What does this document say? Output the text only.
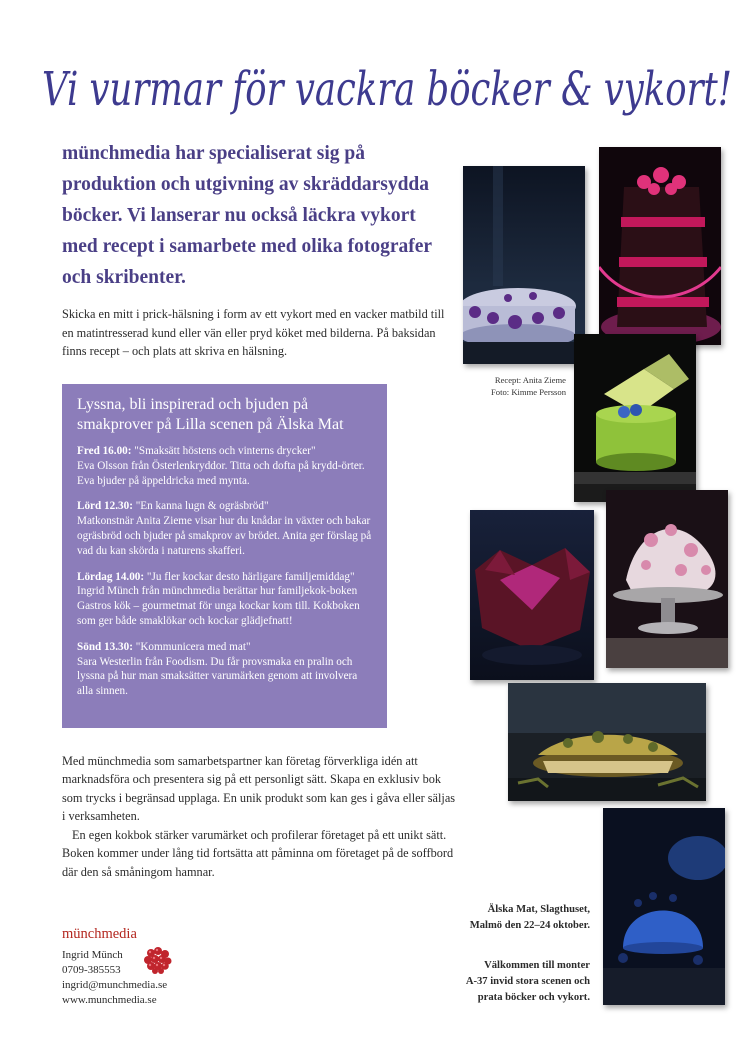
Vi vurmar för vackra böcker & vykort!

münchmedia har specialiserat sig på produktion och utgivning av skräddarsydda böcker. Vi lanserar nu också läckra vykort med recept i samarbete med olika fotografer och skribenter.

Skicka en mitt i prick-hälsning i form av ett vykort med en vacker matbild till en matintresserad kund eller vän eller pryd köket med bilderna. På baksidan finns recept – och plats att skriva en hälsning.

Lyssna, bli inspirerad och bjuden på smakprover på Lilla scenen på Älska Mat

Fred 16.00: "Smaksätt höstens och vinterns drycker"
Eva Olsson från Österlenkryddor. Titta och dofta på krydd-örter. Eva bjuder på äppeldricka med mynta.

Lörd 12.30: "En kanna lugn & ogräsbröd"
Matkonstnär Anita Zieme visar hur du knådar in växter och bakar ogräsbröd och bjuder på smakprov av brödet. Anita ger förslag på vad du kan skörda i naturens skafferi.

Lördag 14.00: "Ju fler kockar desto härligare familjemiddag"
Ingrid Münch från münchmedia berättar hur familjekok-boken Gastros kök – gourmetmat för unga kockar kom till. Kokboken som ger både smaklökar och kockar glädjefnatt!

Sönd 13.30: "Kommunicera med mat"
Sara Westerlin från Foodism. Du får provsmaka en pralin och lyssna på hur man smaksätter varumärken genom att involvera alla sinnen.

Med münchmedia som samarbetspartner kan företag förverkliga idén att marknadsföra och presentera sig på ett personligt sätt. Skapa en exklusiv bok som trycks i begränsad upplaga. En unik produkt som kan ges i gåva eller säljas i verksamheten.

En egen kokbok stärker varumärket och profilerar företaget på ett unikt sätt. Boken kommer under lång tid fortsätta att påminna om företaget på de soffbord där den så småningom hamnar.

münchmedia

Ingrid Münch
0709-385553
ingrid@munchmedia.se
www.munchmedia.se
Recept: Anita Zieme
Foto: Kimme Persson

Älska Mat, Slagthuset,
Malmö den 22–24 oktober.

Välkommen till monter
A-37 invid stora scenen och
prata böcker och vykort.
